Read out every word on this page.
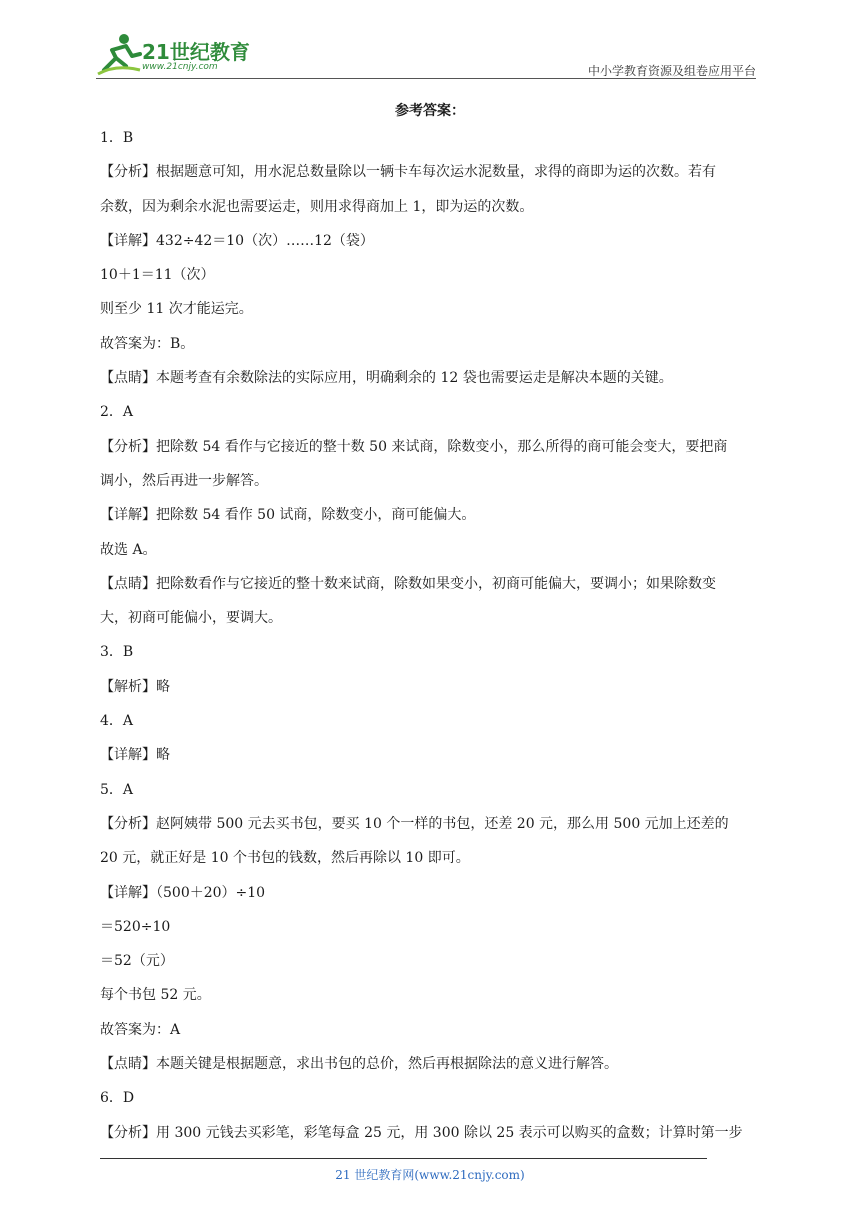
21世纪教育
www.21cnjy.com	中小学教育资源及组卷应用平台
参考答案：
1．B
【分析】根据题意可知，用水泥总数量除以一辆卡车每次运水泥数量，求得的商即为运的次数。若有
余数，因为剩余水泥也需要运走，则用求得商加上 1，即为运的次数。
【详解】432÷42＝10（次）……12（袋）
10＋1＝11（次）
则至少 11 次才能运完。
故答案为：B。
【点睛】本题考查有余数除法的实际应用，明确剩余的 12 袋也需要运走是解决本题的关键。
2．A
【分析】把除数 54 看作与它接近的整十数 50 来试商，除数变小，那么所得的商可能会变大，要把商
调小，然后再进一步解答。
【详解】把除数 54 看作 50 试商，除数变小，商可能偏大。
故选 A。
【点睛】把除数看作与它接近的整十数来试商，除数如果变小，初商可能偏大，要调小；如果除数变
大，初商可能偏小，要调大。
3．B
【解析】略
4．A
【详解】略
5．A
【分析】赵阿姨带 500 元去买书包，要买 10 个一样的书包，还差 20 元，那么用 500 元加上还差的
20 元，就正好是 10 个书包的钱数，然后再除以 10 即可。
【详解】（500＋20）÷10
＝520÷10
＝52（元）
每个书包 52 元。
故答案为：A
【点睛】本题关键是根据题意，求出书包的总价，然后再根据除法的意义进行解答。
6．D
【分析】用 300 元钱去买彩笔，彩笔每盒 25 元，用 300 除以 25 表示可以购买的盒数；计算时第一步
21 世纪教育网(www.21cnjy.com)
